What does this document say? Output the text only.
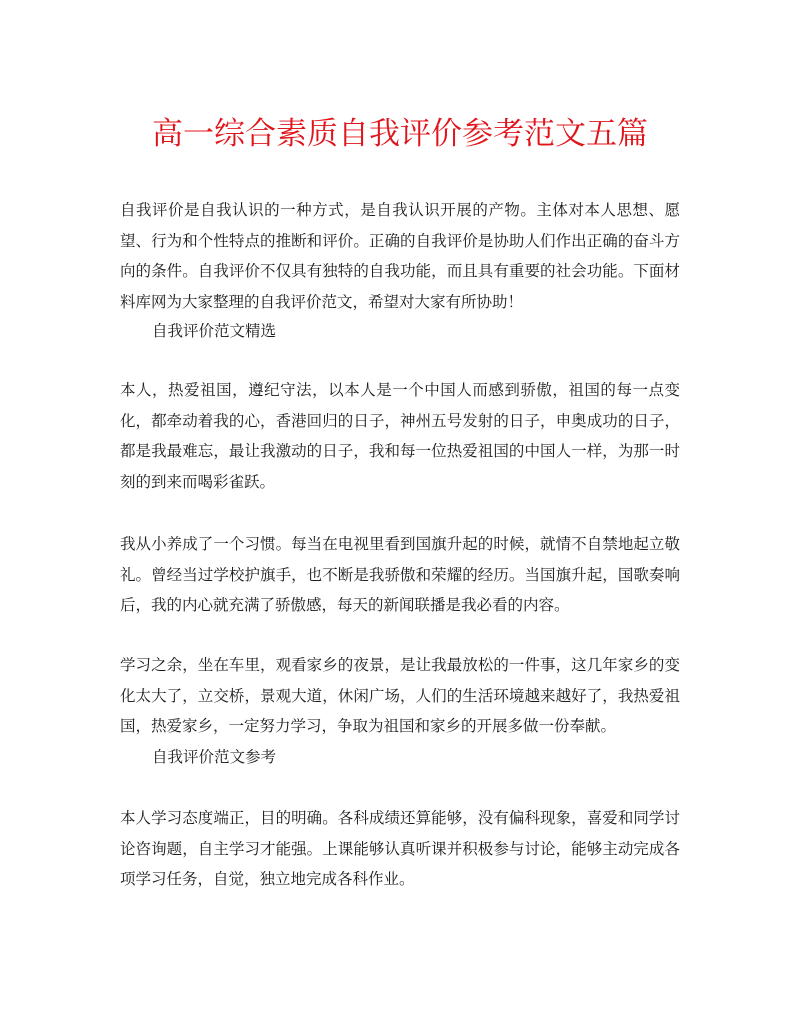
高一综合素质自我评价参考范文五篇

自我评价是自我认识的一种方式，是自我认识开展的产物。主体对本人思想、愿望、行为和个性特点的推断和评价。正确的自我评价是协助人们作出正确的奋斗方向的条件。自我评价不仅具有独特的自我功能，而且具有重要的社会功能。下面材料库网为大家整理的自我评价范文，希望对大家有所协助！

自我评价范文精选

本人，热爱祖国，遵纪守法，以本人是一个中国人而感到骄傲，祖国的每一点变化，都牵动着我的心，香港回归的日子，神州五号发射的日子，申奥成功的日子，都是我最难忘，最让我激动的日子，我和每一位热爱祖国的中国人一样，为那一时刻的到来而喝彩雀跃。

我从小养成了一个习惯。每当在电视里看到国旗升起的时候，就情不自禁地起立敬礼。曾经当过学校护旗手，也不断是我骄傲和荣耀的经历。当国旗升起，国歌奏响后，我的内心就充满了骄傲感，每天的新闻联播是我必看的内容。

学习之余，坐在车里，观看家乡的夜景，是让我最放松的一件事，这几年家乡的变化太大了，立交桥，景观大道，休闲广场，人们的生活环境越来越好了，我热爱祖国，热爱家乡，一定努力学习，争取为祖国和家乡的开展多做一份奉献。

自我评价范文参考

本人学习态度端正，目的明确。各科成绩还算能够，没有偏科现象，喜爱和同学讨论咨询题，自主学习才能强。上课能够认真听课并积极参与讨论，能够主动完成各项学习任务，自觉，独立地完成各科作业。
